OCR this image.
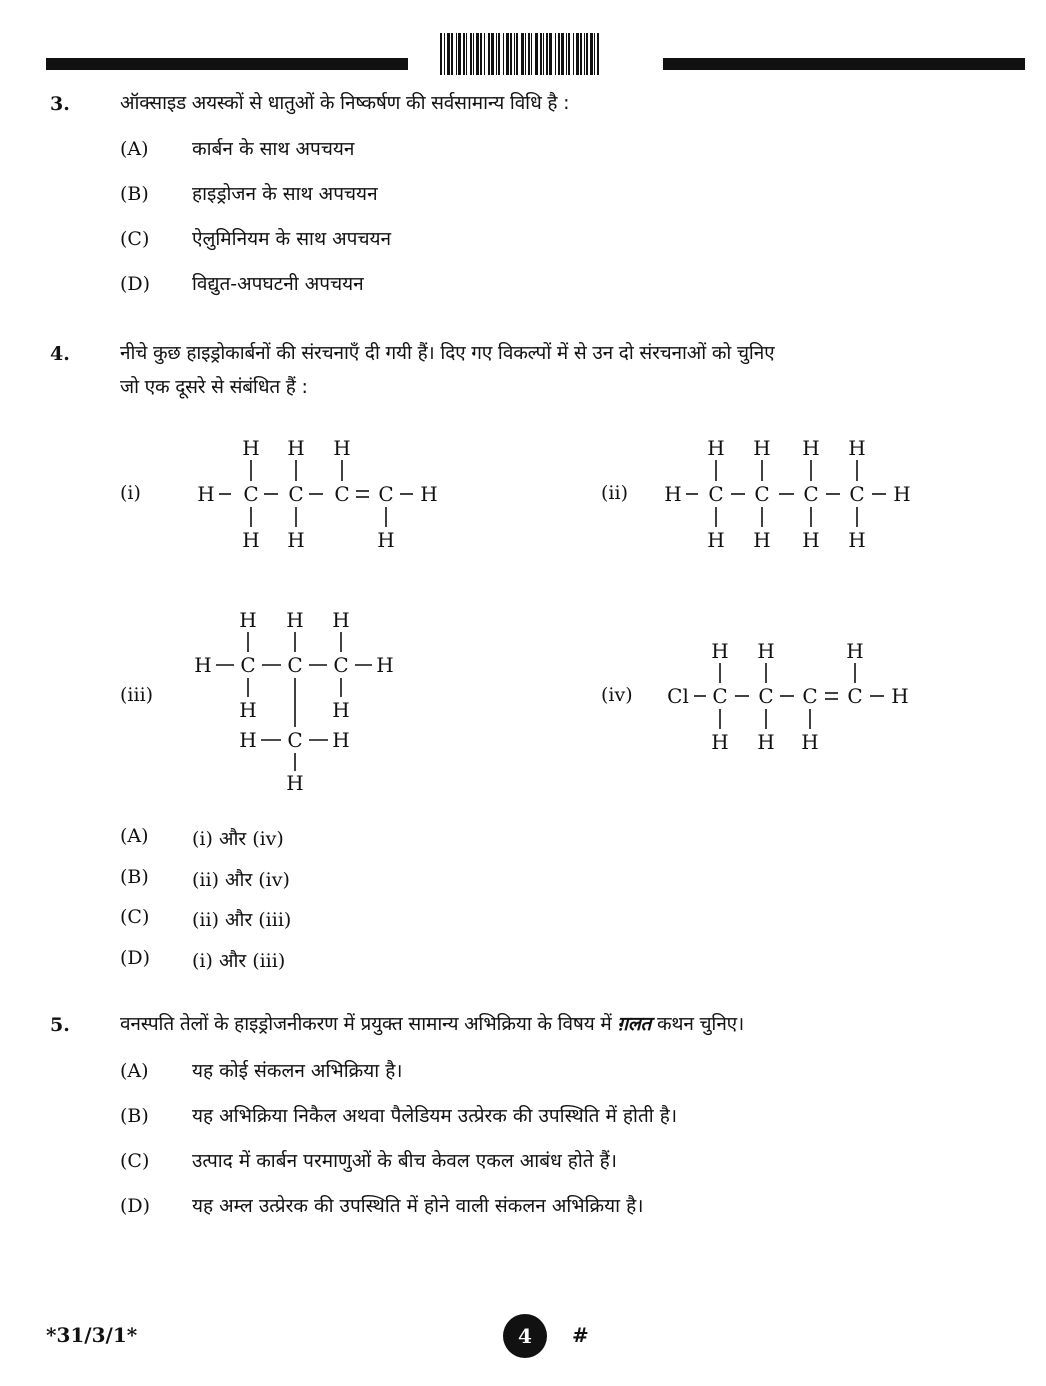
3.	ऑक्साइड अयस्कों से धातुओं के निष्कर्षण की सर्वसामान्य विधि है :
(A) कार्बन के साथ अपचयन
(B) हाइड्रोजन के साथ अपचयन
(C) ऐलुमिनियम के साथ अपचयन
(D) विद्युत-अपघटनी अपचयन
4.	नीचे कुछ हाइड्रोकार्बनों की संरचनाएँ दी गयी हैं। दिए गए विकल्पों में से उन दो संरचनाओं को चुनिए
जो एक दूसरे से संबंधित हैं :
(i)	(ii)
(iii)	(iv)
H C C C C H
H H H
H H	H
H C C C C H
H H H H
H H H H
H C C C H
H H H
H	H
H C H
H
Cl C C C C H
H H	H
H H H
(A) (i) और (iv)
(B) (ii) और (iv)
(C) (ii) और (iii)
(D) (i) और (iii)
5.	वनस्पति तेलों के हाइड्रोजनीकरण में प्रयुक्त सामान्य अभिक्रिया के विषय में ग़लत कथन चुनिए।
(A) यह कोई संकलन अभिक्रिया है।
(B) यह अभिक्रिया निकैल अथवा पैलेडियम उत्प्रेरक की उपस्थिति में होती है।
(C) उत्पाद में कार्बन परमाणुओं के बीच केवल एकल आबंध होते हैं।
(D) यह अम्ल उत्प्रेरक की उपस्थिति में होने वाली संकलन अभिक्रिया है।
*31/3/1*	4 #
